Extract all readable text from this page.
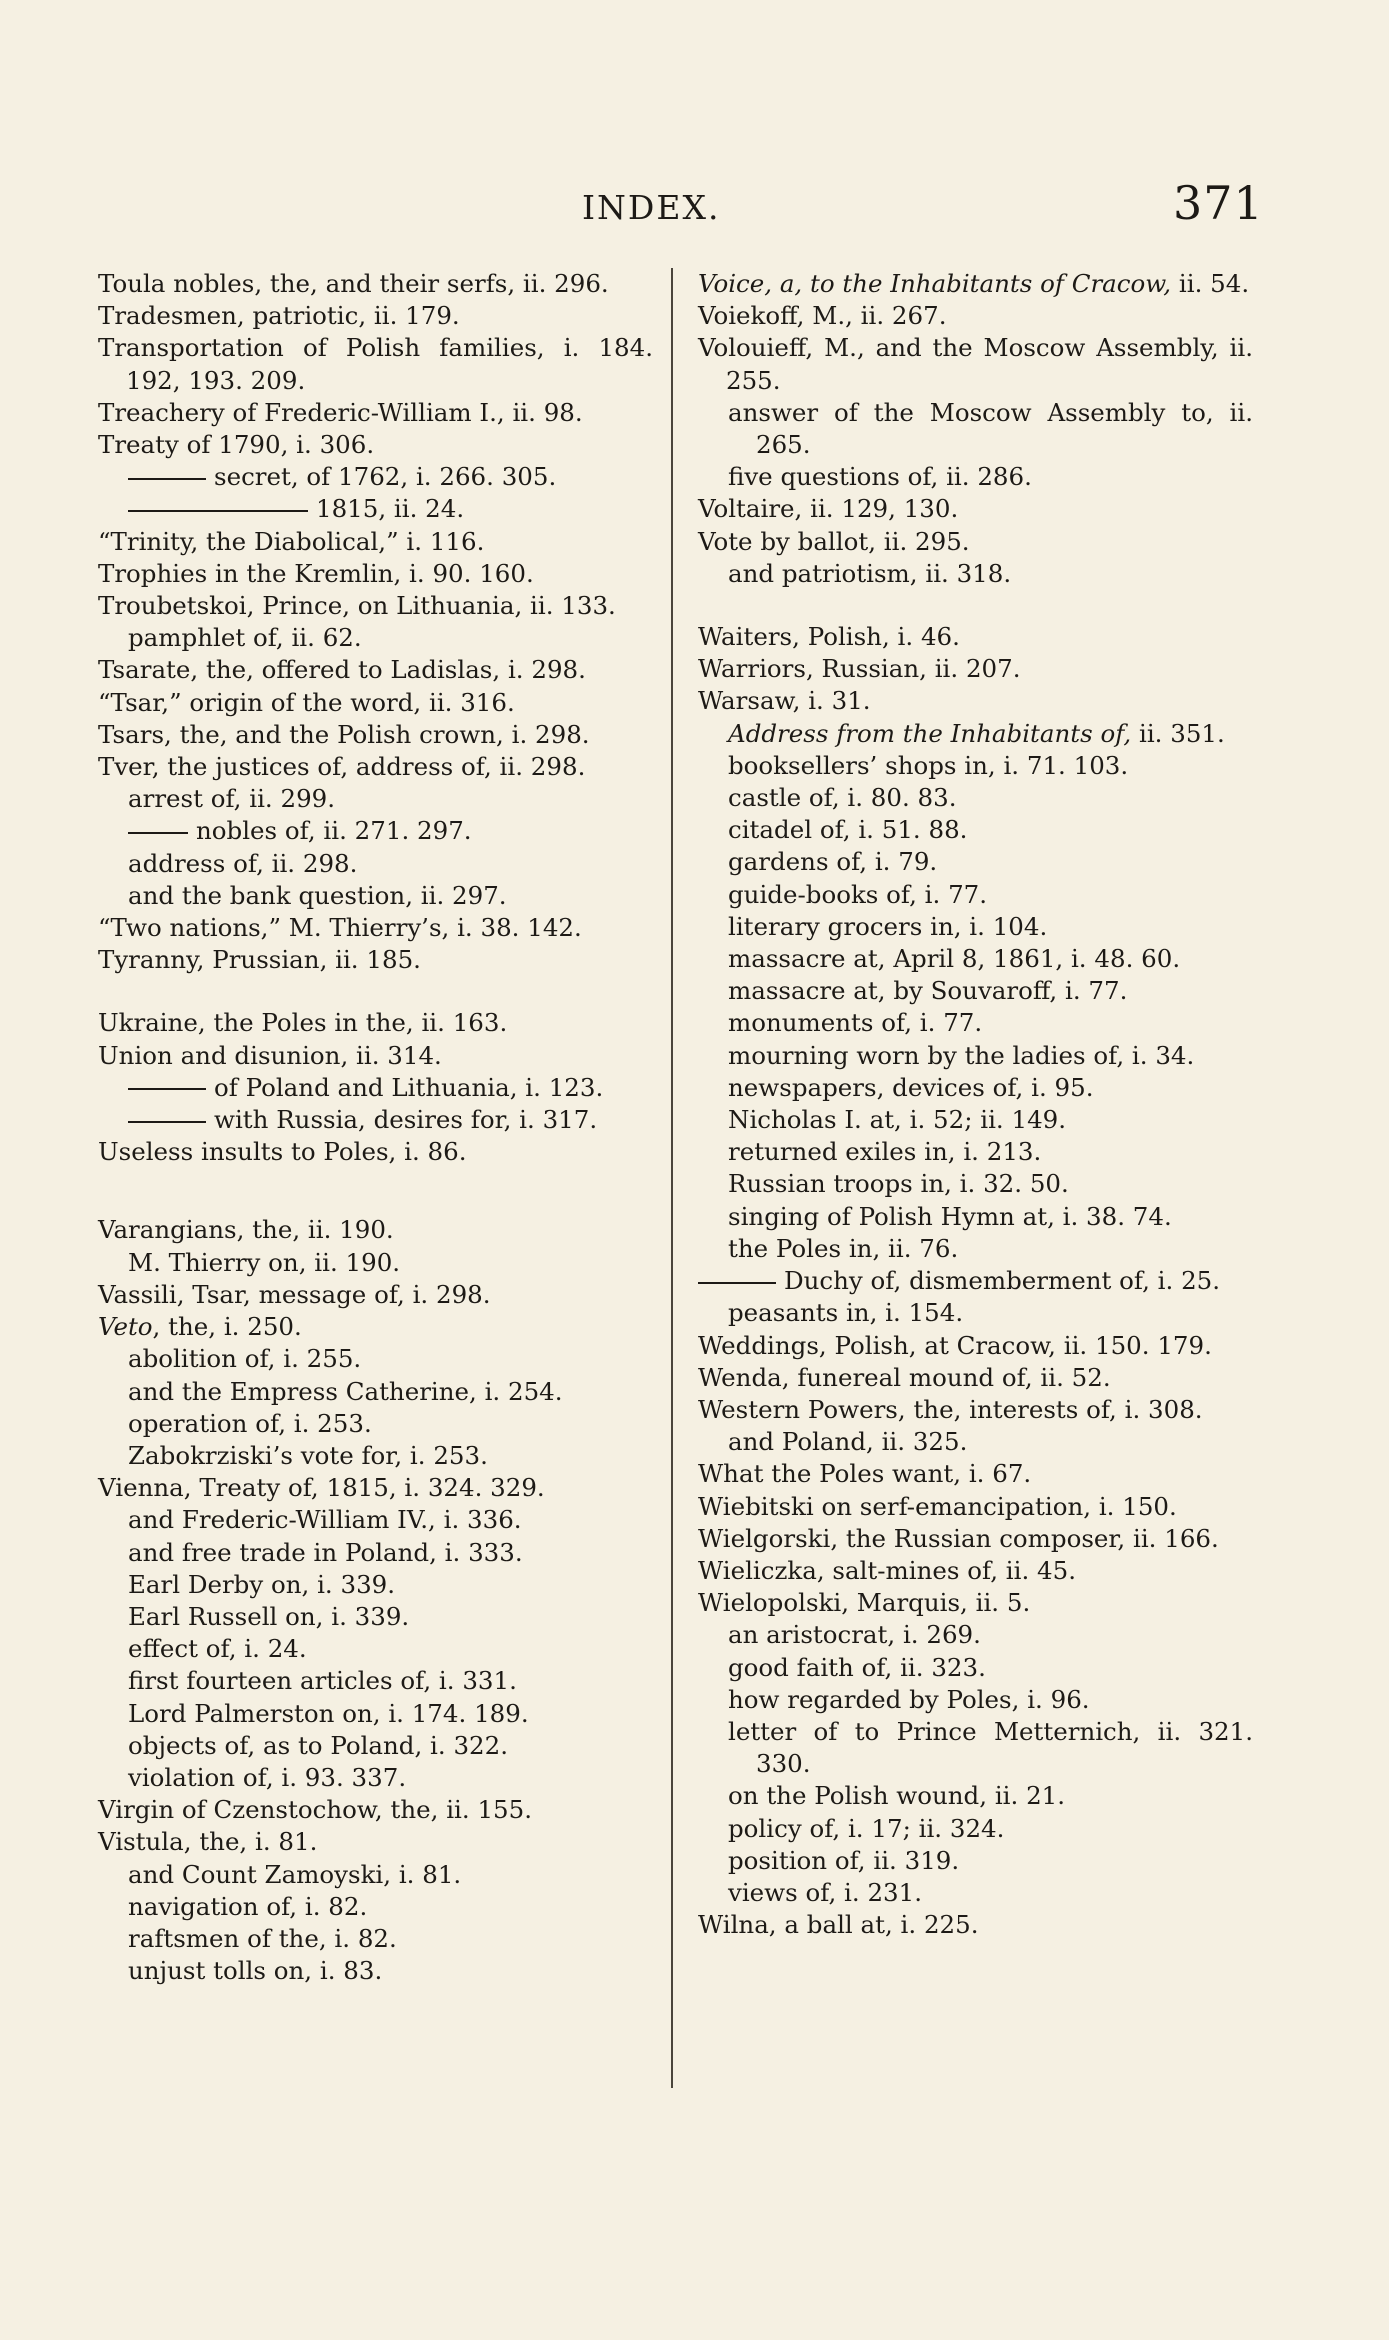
INDEX.	371

Toula nobles, the, and their serfs, ii. 296.

Tradesmen, patriotic, ii. 179.

Transportation of Polish families, i. 184. 192, 193. 209.

Treachery of Frederic-William I., ii. 98.

Treaty of 1790, i. 306.

secret, of 1762, i. 266. 305.

1815, ii. 24.

“Trinity, the Diabolical,” i. 116.

Trophies in the Kremlin, i. 90. 160.

Troubetskoi, Prince, on Lithuania, ii. 133.

pamphlet of, ii. 62.

Tsarate, the, offered to Ladislas, i. 298.

“Tsar,” origin of the word, ii. 316.

Tsars, the, and the Polish crown, i. 298.

Tver, the justices of, address of, ii. 298.

arrest of, ii. 299.

nobles of, ii. 271. 297.

address of, ii. 298.

and the bank question, ii. 297.

“Two nations,” M. Thierry’s, i. 38. 142.

Tyranny, Prussian, ii. 185.

Ukraine, the Poles in the, ii. 163.

Union and disunion, ii. 314.

of Poland and Lithuania, i. 123.

with Russia, desires for, i. 317.

Useless insults to Poles, i. 86.

Varangians, the, ii. 190.

M. Thierry on, ii. 190.

Vassili, Tsar, message of, i. 298.

Veto, the, i. 250.

abolition of, i. 255.

and the Empress Catherine, i. 254.

operation of, i. 253.

Zabokrziski’s vote for, i. 253.

Vienna, Treaty of, 1815, i. 324. 329.

and Frederic-William IV., i. 336.

and free trade in Poland, i. 333.

Earl Derby on, i. 339.

Earl Russell on, i. 339.

effect of, i. 24.

first fourteen articles of, i. 331.

Lord Palmerston on, i. 174. 189.

objects of, as to Poland, i. 322.

violation of, i. 93. 337.

Virgin of Czenstochow, the, ii. 155.

Vistula, the, i. 81.

and Count Zamoyski, i. 81.

navigation of, i. 82.

raftsmen of the, i. 82.

unjust tolls on, i. 83.

Voice, a, to the Inhabitants of Cracow, ii. 54.

Voiekoff, M., ii. 267.

Volouieff, M., and the Moscow Assembly, ii. 255.

answer of the Moscow Assembly to, ii. 265.

five questions of, ii. 286.

Voltaire, ii. 129, 130.

Vote by ballot, ii. 295.

and patriotism, ii. 318.

Waiters, Polish, i. 46.

Warriors, Russian, ii. 207.

Warsaw, i. 31.

Address from the Inhabitants of, ii. 351.

booksellers’ shops in, i. 71. 103.

castle of, i. 80. 83.

citadel of, i. 51. 88.

gardens of, i. 79.

guide-books of, i. 77.

literary grocers in, i. 104.

massacre at, April 8, 1861, i. 48. 60.

massacre at, by Souvaroff, i. 77.

monuments of, i. 77.

mourning worn by the ladies of, i. 34.

newspapers, devices of, i. 95.

Nicholas I. at, i. 52; ii. 149.

returned exiles in, i. 213.

Russian troops in, i. 32. 50.

singing of Polish Hymn at, i. 38. 74.

the Poles in, ii. 76.

Duchy of, dismemberment of, i. 25.

peasants in, i. 154.

Weddings, Polish, at Cracow, ii. 150. 179.

Wenda, funereal mound of, ii. 52.

Western Powers, the, interests of, i. 308.

and Poland, ii. 325.

What the Poles want, i. 67.

Wiebitski on serf-emancipation, i. 150.

Wielgorski, the Russian composer, ii. 166.

Wieliczka, salt-mines of, ii. 45.

Wielopolski, Marquis, ii. 5.

an aristocrat, i. 269.

good faith of, ii. 323.

how regarded by Poles, i. 96.

letter of to Prince Metternich, ii. 321. 330.

on the Polish wound, ii. 21.

policy of, i. 17; ii. 324.

position of, ii. 319.

views of, i. 231.

Wilna, a ball at, i. 225.
